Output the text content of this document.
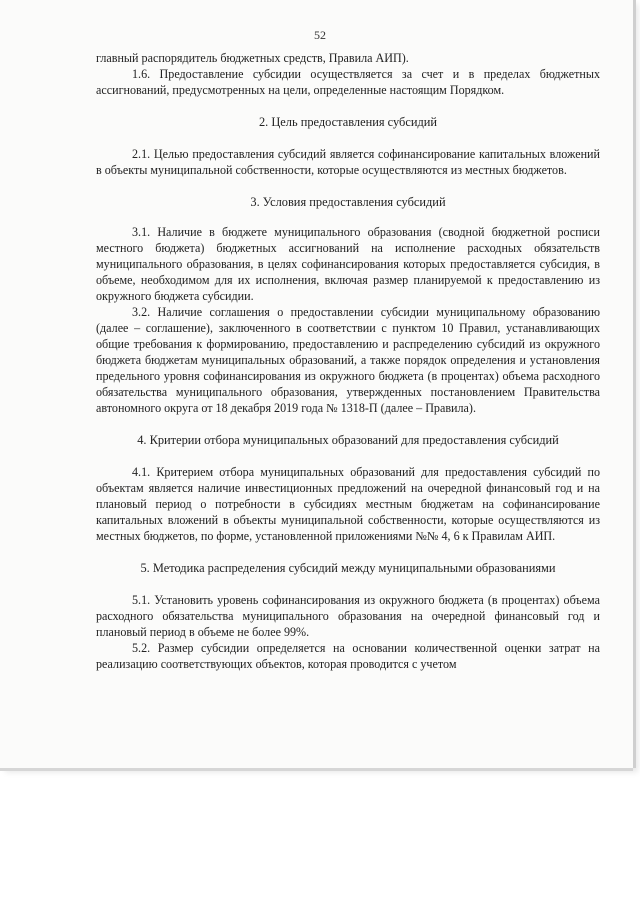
52

главный распорядитель бюджетных средств, Правила АИП).

1.6. Предоставление субсидии осуществляется за счет и в пределах бюджетных ассигнований, предусмотренных на цели, определенные настоящим Порядком.

2. Цель предоставления субсидий

2.1. Целью предоставления субсидий является софинансирование капитальных вложений в объекты муниципальной собственности, которые осуществляются из местных бюджетов.

3. Условия предоставления субсидий

3.1. Наличие в бюджете муниципального образования (сводной бюджетной росписи местного бюджета) бюджетных ассигнований на исполнение расходных обязательств муниципального образования, в целях софинансирования которых предоставляется субсидия, в объеме, необходимом для их исполнения, включая размер планируемой к предоставлению из окружного бюджета субсидии.

3.2. Наличие соглашения о предоставлении субсидии муниципальному образованию (далее – соглашение), заключенного в соответствии с пунктом 10 Правил, устанавливающих общие требования к формированию, предоставлению и распределению субсидий из окружного бюджета бюджетам муниципальных образований, а также порядок определения и установления предельного уровня софинансирования из окружного бюджета (в процентах) объема расходного обязательства муниципального образования, утвержденных постановлением Правительства автономного округа от 18 декабря 2019 года № 1318-П (далее – Правила).

4. Критерии отбора муниципальных образований для предоставления субсидий

4.1. Критерием отбора муниципальных образований для предоставления субсидий по объектам является наличие инвестиционных предложений на очередной финансовый год и на плановый период о потребности в субсидиях местным бюджетам на софинансирование капитальных вложений в объекты муниципальной собственности, которые осуществляются из местных бюджетов, по форме, установленной приложениями №№ 4, 6 к Правилам АИП.

5. Методика распределения субсидий между муниципальными образованиями

5.1. Установить уровень софинансирования из окружного бюджета (в процентах) объема расходного обязательства муниципального образования на очередной финансовый год и плановый период в объеме не более 99%.

5.2. Размер субсидии определяется на основании количественной оценки затрат на реализацию соответствующих объектов, которая проводится с учетом
